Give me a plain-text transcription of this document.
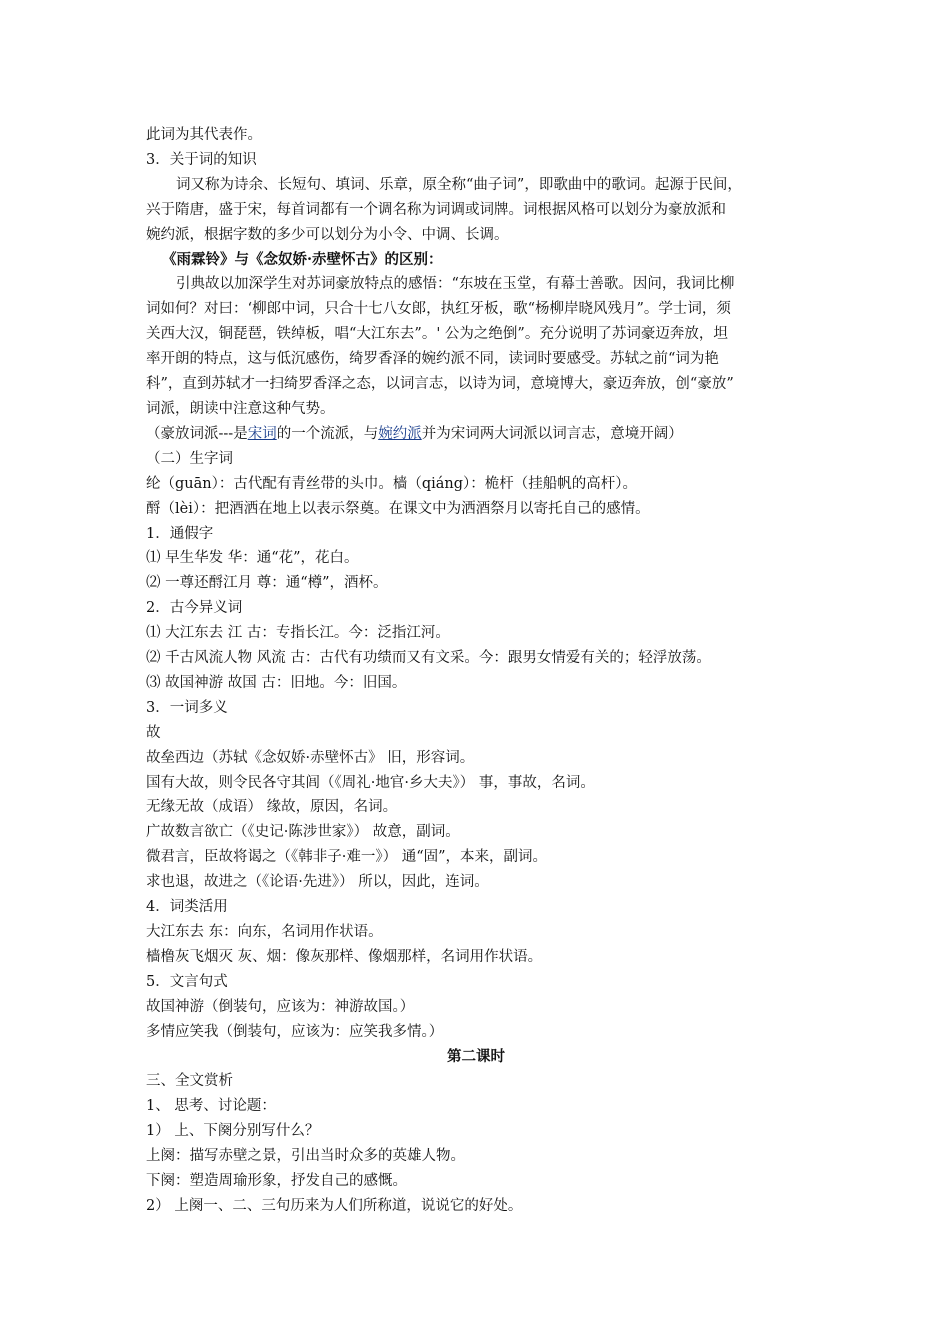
此词为其代表作。
3．关于词的知识
词又称为诗余、长短句、填词、乐章，原全称“曲子词”，即歌曲中的歌词。起源于民间，
兴于隋唐，盛于宋，每首词都有一个调名称为词调或词牌。词根据风格可以划分为豪放派和
婉约派，根据字数的多少可以划分为小令、中调、长调。
《雨霖铃》与《念奴娇·赤壁怀古》的区别：
引典故以加深学生对苏词豪放特点的感悟：“东坡在玉堂，有幕士善歌。因问，我词比柳
词如何？对曰：‘柳郎中词，只合十七八女郎，执红牙板，歌“杨柳岸晓风残月”。学士词，须
关西大汉，铜琵琶，铁绰板，唱“大江东去”。' 公为之绝倒”。充分说明了苏词豪迈奔放，坦
率开朗的特点，这与低沉感伤，绮罗香泽的婉约派不同，读词时要感受。苏轼之前“词为艳
科”，直到苏轼才一扫绮罗香泽之态，以词言志，以诗为词，意境博大，豪迈奔放，创“豪放”
词派，朗读中注意这种气势。
（豪放词派---是宋词的一个流派，与婉约派并为宋词两大词派以词言志，意境开阔）
（二）生字词
纶（guān）：古代配有青丝带的头巾。樯（qiáng）：桅杆（挂船帆的高杆）。
酹（lèi）：把酒洒在地上以表示祭奠。在课文中为洒酒祭月以寄托自己的感情。
1．通假字
⑴ 早生华发 华：通“花”，花白。
⑵ 一尊还酹江月 尊：通“樽”，酒杯。
2．古今异义词
⑴ 大江东去 江 古：专指长江。今：泛指江河。
⑵ 千古风流人物 风流 古：古代有功绩而又有文采。今：跟男女情爱有关的；轻浮放荡。
⑶ 故国神游 故国 古：旧地。今：旧国。
3．一词多义
故
故垒西边（苏轼《念奴娇·赤壁怀古》 旧，形容词。
国有大故，则令民各守其闾（《周礼·地官·乡大夫》） 事，事故，名词。
无缘无故（成语） 缘故，原因，名词。
广故数言欲亡（《史记·陈涉世家》） 故意，副词。
微君言，臣故将谒之（《韩非子·难一》） 通“固”，本来，副词。
求也退，故进之（《论语·先进》） 所以，因此，连词。
4．词类活用
大江东去 东：向东，名词用作状语。
樯橹灰飞烟灭 灰、烟：像灰那样、像烟那样，名词用作状语。
5．文言句式
故国神游（倒装句，应该为：神游故国。）
多情应笑我（倒装句，应该为：应笑我多情。）
第二课时
三、全文赏析
1、 思考、讨论题：
1） 上、下阕分别写什么？
上阕：描写赤壁之景，引出当时众多的英雄人物。
下阕：塑造周瑜形象，抒发自己的感慨。
2） 上阕一、二、三句历来为人们所称道，说说它的好处。
